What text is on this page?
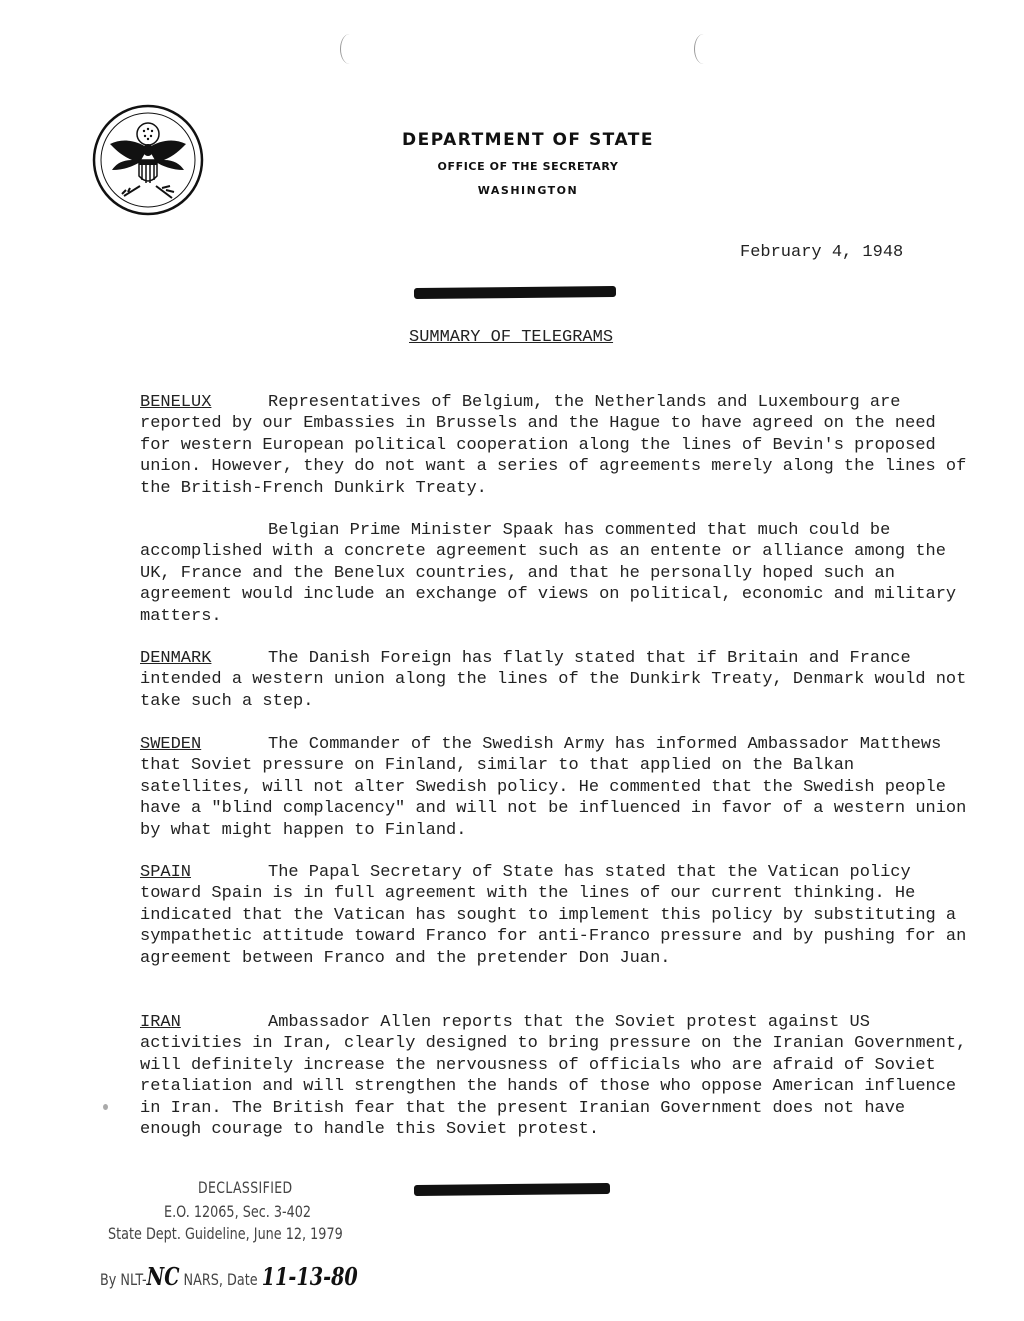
DEPARTMENT OF STATE
OFFICE OF THE SECRETARY
WASHINGTON
February 4, 1948
SUMMARY OF TELEGRAMS
BENELUX	Representatives of Belgium, the Netherlands and Luxembourg are reported by our Embassies in Brussels and the Hague to have agreed on the need for western European political cooperation along the lines of Bevin's proposed union. However, they do not want a series of agreements merely along the lines of the British-French Dunkirk Treaty.

Belgian Prime Minister Spaak has commented that much could be accomplished with a concrete agreement such as an entente or alliance among the UK, France and the Benelux countries, and that he personally hoped such an agreement would include an exchange of views on political, economic and military matters.

DENMARK	The Danish Foreign has flatly stated that if Britain and France intended a western union along the lines of the Dunkirk Treaty, Denmark would not take such a step.

SWEDEN	The Commander of the Swedish Army has informed Ambassador Matthews that Soviet pressure on Finland, similar to that applied on the Balkan satellites, will not alter Swedish policy. He commented that the Swedish people have a "blind complacency" and will not be influenced in favor of a western union by what might happen to Finland.

SPAIN	The Papal Secretary of State has stated that the Vatican policy toward Spain is in full agreement with the lines of our current thinking. He indicated that the Vatican has sought to implement this policy by substituting a sympathetic attitude toward Franco for anti-Franco pressure and by pushing for an agreement between Franco and the pretender Don Juan.

IRAN	Ambassador Allen reports that the Soviet protest against US activities in Iran, clearly designed to bring pressure on the Iranian Government, will definitely increase the nervousness of officials who are afraid of Soviet retaliation and will strengthen the hands of those who oppose American influence in Iran. The British fear that the present Iranian Government does not have enough courage to handle this Soviet protest.

DECLASSIFIED
E.O. 12065, Sec. 3-402
State Dept. Guideline, June 12, 1979
By NLT-NC NARS, Date 11-13-80
